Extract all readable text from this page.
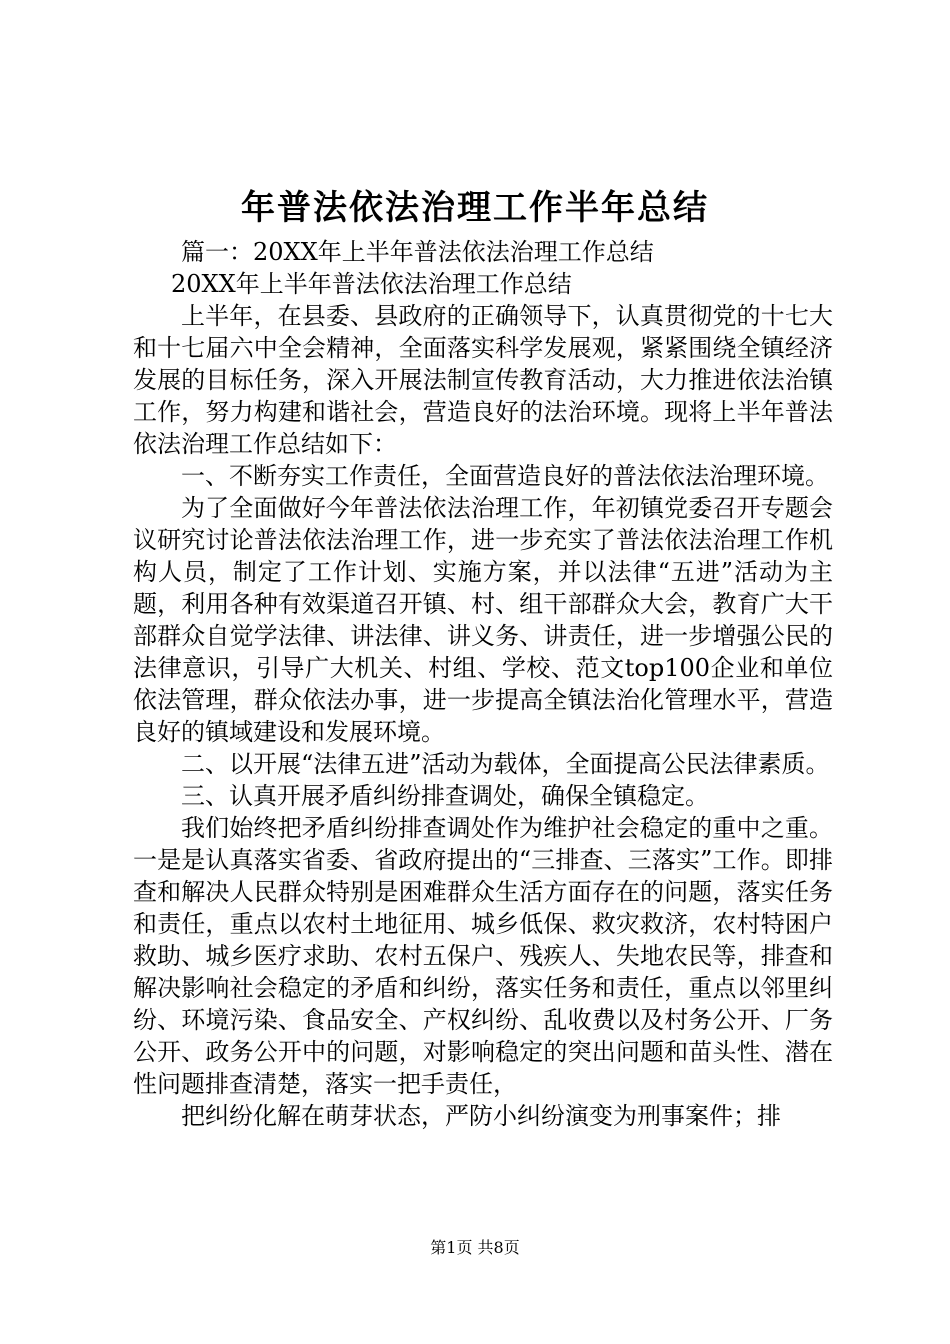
年普法依法治理工作半年总结

篇一：20XX年上半年普法依法治理工作总结

20XX年上半年普法依法治理工作总结

上半年，在县委、县政府的正确领导下，认真贯彻党的十七大和十七届六中全会精神，全面落实科学发展观，紧紧围绕全镇经济发展的目标任务，深入开展法制宣传教育活动，大力推进依法治镇工作，努力构建和谐社会，营造良好的法治环境。现将上半年普法依法治理工作总结如下：

一、不断夯实工作责任，全面营造良好的普法依法治理环境。

为了全面做好今年普法依法治理工作，年初镇党委召开专题会议研究讨论普法依法治理工作，进一步充实了普法依法治理工作机构人员，制定了工作计划、实施方案，并以法律“五进”活动为主题，利用各种有效渠道召开镇、村、组干部群众大会，教育广大干部群众自觉学法律、讲法律、讲义务、讲责任，进一步增强公民的法律意识，引导广大机关、村组、学校、范文top100企业和单位依法管理，群众依法办事，进一步提高全镇法治化管理水平，营造良好的镇域建设和发展环境。

二、以开展“法律五进”活动为载体，全面提高公民法律素质。

三、认真开展矛盾纠纷排查调处，确保全镇稳定。

我们始终把矛盾纠纷排查调处作为维护社会稳定的重中之重。一是是认真落实省委、省政府提出的“三排查、三落实”工作。即排查和解决人民群众特别是困难群众生活方面存在的问题，落实任务和责任，重点以农村土地征用、城乡低保、救灾救济，农村特困户救助、城乡医疗求助、农村五保户、残疾人、失地农民等，排查和解决影响社会稳定的矛盾和纠纷，落实任务和责任，重点以邻里纠纷、环境污染、食品安全、产权纠纷、乱收费以及村务公开、厂务公开、政务公开中的问题，对影响稳定的突出问题和苗头性、潜在性问题排查清楚，落实一把手责任，

把纠纷化解在萌芽状态，严防小纠纷演变为刑事案件；排

第1页 共8页
